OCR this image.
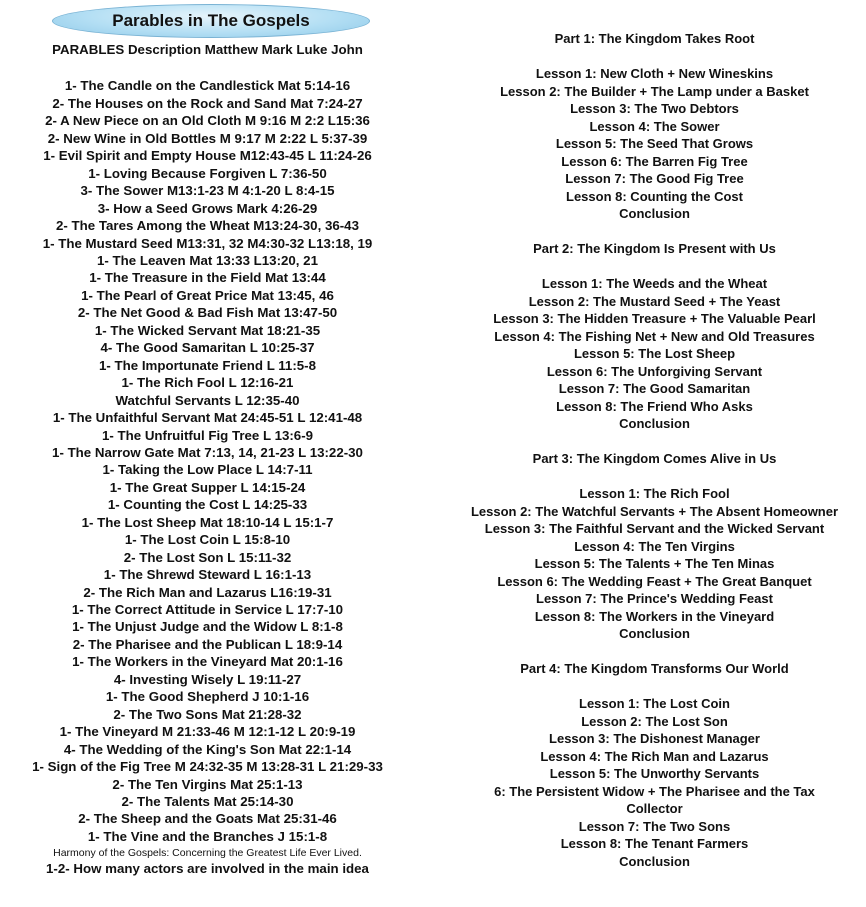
Parables in The Gospels
PARABLES Description Matthew Mark Luke John
1- The Candle on the Candlestick Mat 5:14-16
2- The Houses on the Rock and Sand Mat 7:24-27
2- A New Piece on an Old Cloth M 9:16 M 2:2 L15:36
2- New Wine in Old Bottles M 9:17 M 2:22 L 5:37-39
1- Evil Spirit and Empty House M12:43-45 L 11:24-26
1- Loving Because Forgiven L 7:36-50
3- The Sower M13:1-23 M 4:1-20 L 8:4-15
3- How a Seed Grows Mark 4:26-29
2- The Tares Among the Wheat M13:24-30, 36-43
1- The Mustard Seed M13:31, 32 M4:30-32 L13:18, 19
1- The Leaven Mat 13:33 L13:20, 21
1- The Treasure in the Field Mat 13:44
1- The Pearl of Great Price Mat 13:45, 46
2- The Net Good & Bad Fish Mat 13:47-50
1- The Wicked Servant Mat 18:21-35
4- The Good Samaritan L 10:25-37
1- The Importunate Friend L 11:5-8
1- The Rich Fool L 12:16-21
Watchful Servants L 12:35-40
1- The Unfaithful Servant Mat 24:45-51 L 12:41-48
1- The Unfruitful Fig Tree L 13:6-9
1- The Narrow Gate Mat 7:13, 14, 21-23 L 13:22-30
1- Taking the Low Place L 14:7-11
1- The Great Supper L 14:15-24
1- Counting the Cost L 14:25-33
1- The Lost Sheep Mat 18:10-14 L 15:1-7
1- The Lost Coin L 15:8-10
2- The Lost Son L 15:11-32
1- The Shrewd Steward L 16:1-13
2- The Rich Man and Lazarus L16:19-31
1- The Correct Attitude in Service L 17:7-10
1- The Unjust Judge and the Widow L 8:1-8
2- The Pharisee and the Publican L 18:9-14
1- The Workers in the Vineyard Mat 20:1-16
4- Investing Wisely L 19:11-27
1- The Good Shepherd J 10:1-16
2- The Two Sons Mat 21:28-32
1- The Vineyard M 21:33-46 M 12:1-12 L 20:9-19
4- The Wedding of the King's Son Mat 22:1-14
1- Sign of the Fig Tree M 24:32-35 M 13:28-31 L 21:29-33
2- The Ten Virgins Mat 25:1-13
2- The Talents Mat 25:14-30
2- The Sheep and the Goats Mat 25:31-46
1- The Vine and the Branches J 15:1-8
Harmony of the Gospels: Concerning the Greatest Life Ever Lived.
1-2- How many actors are involved in the main idea
Part 1: The Kingdom Takes Root
Lesson 1: New Cloth + New Wineskins
Lesson 2: The Builder + The Lamp under a Basket
Lesson 3: The Two Debtors
Lesson 4: The Sower
Lesson 5: The Seed That Grows
Lesson 6: The Barren Fig Tree
Lesson 7: The Good Fig Tree
Lesson 8: Counting the Cost
Conclusion
Part 2: The Kingdom Is Present with Us
Lesson 1: The Weeds and the Wheat
Lesson 2: The Mustard Seed + The Yeast
Lesson 3: The Hidden Treasure + The Valuable Pearl
Lesson 4: The Fishing Net + New and Old Treasures
Lesson 5: The Lost Sheep
Lesson 6: The Unforgiving Servant
Lesson 7: The Good Samaritan
Lesson 8: The Friend Who Asks
Conclusion
Part 3: The Kingdom Comes Alive in Us
Lesson 1: The Rich Fool
Lesson 2: The Watchful Servants + The Absent Homeowner
Lesson 3: The Faithful Servant and the Wicked Servant
Lesson 4: The Ten Virgins
Lesson 5: The Talents + The Ten Minas
Lesson 6: The Wedding Feast + The Great Banquet
Lesson 7: The Prince's Wedding Feast
Lesson 8: The Workers in the Vineyard
Conclusion
Part 4: The Kingdom Transforms Our World
Lesson 1: The Lost Coin
Lesson 2: The Lost Son
Lesson 3: The Dishonest Manager
Lesson 4: The Rich Man and Lazarus
Lesson 5: The Unworthy Servants
6: The Persistent Widow + The Pharisee and the Tax
Collector
Lesson 7: The Two Sons
Lesson 8: The Tenant Farmers
Conclusion
